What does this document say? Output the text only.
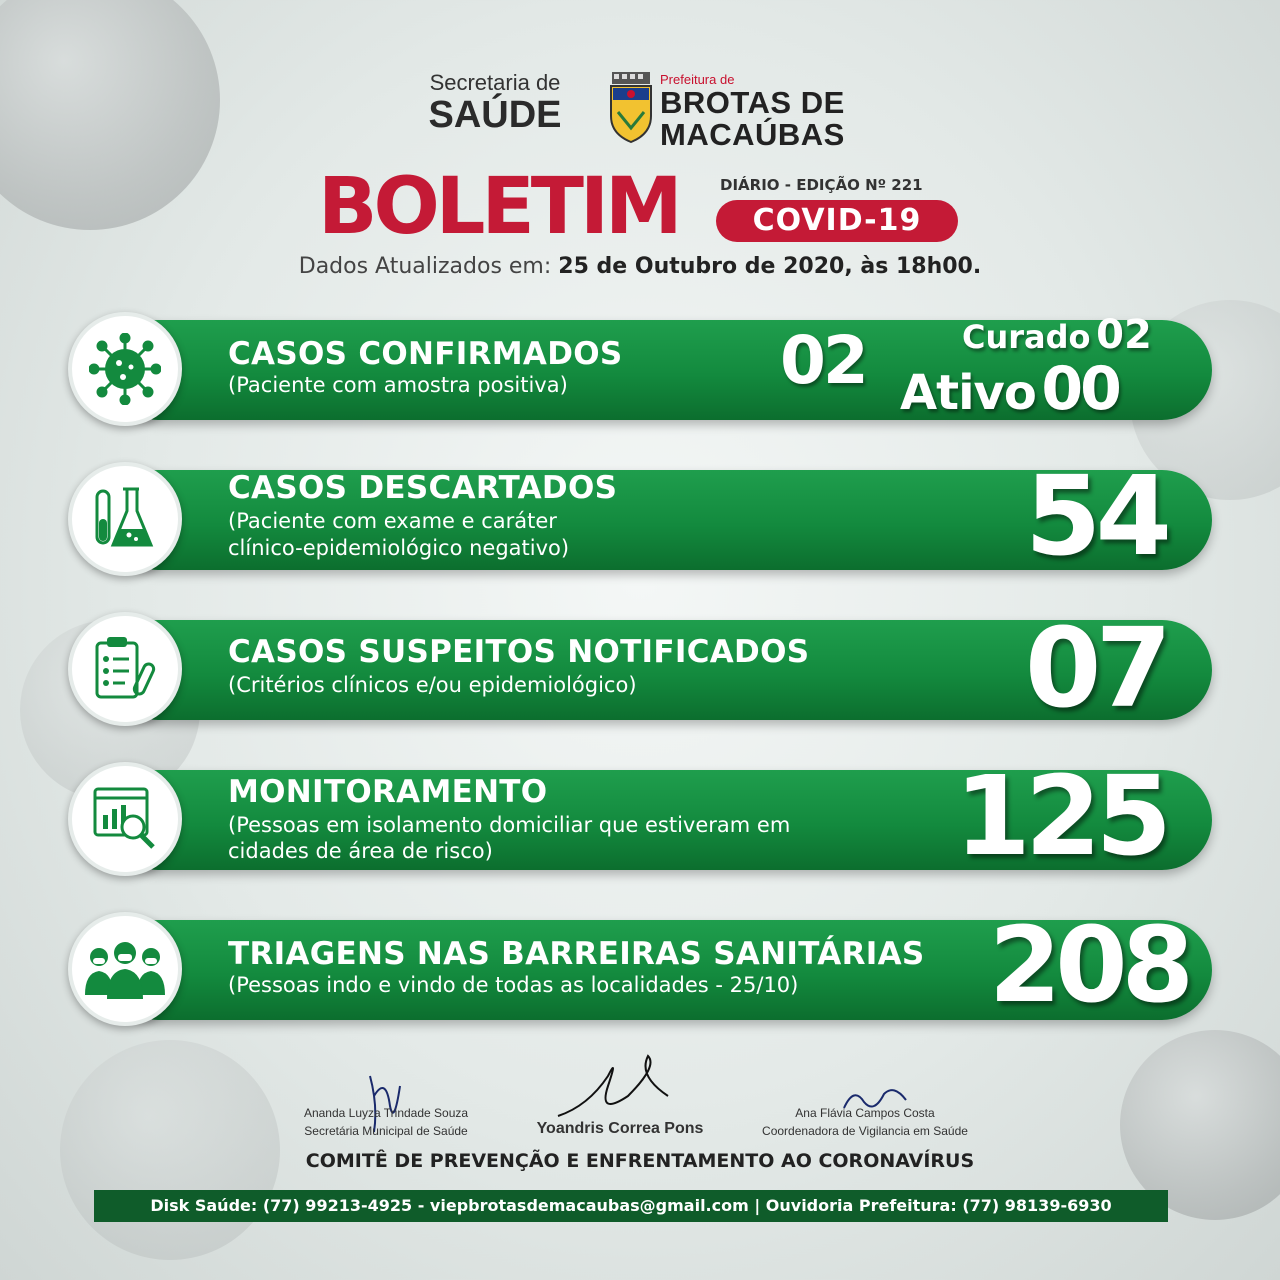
Secretaria de
SAÚDE
Prefeitura de
BROTAS DE
MACAÚBAS
BOLETIM	DIÁRIO - EDIÇÃO Nº 221
COVID-19
Dados Atualizados em: 25 de Outubro de 2020, às 18h00.
CASOS CONFIRMADOS
(Paciente com amostra positiva)	02	Curado 02
Ativo 00
CASOS DESCARTADOS
(Paciente com exame e caráter
clínico-epidemiológico negativo)	54
CASOS SUSPEITOS NOTIFICADOS
(Critérios clínicos e/ou epidemiológico)	07
MONITORAMENTO
(Pessoas em isolamento domiciliar que estiveram em
cidades de área de risco)	125
TRIAGENS NAS BARREIRAS SANITÁRIAS
(Pessoas indo e vindo de todas as localidades - 25/10) 208
Ananda Luyza Trindade Souza
Secretária Municipal de Saúde	Yoandris Correa Pons
Ana Flávia Campos Costa
Coordenadora de Vigilancia em Saúde
COMITÊ DE PREVENÇÃO E ENFRENTAMENTO AO CORONAVÍRUS
Disk Saúde: (77) 99213-4925 - viepbrotasdemacaubas@gmail.com | Ouvidoria Prefeitura: (77) 98139-6930
